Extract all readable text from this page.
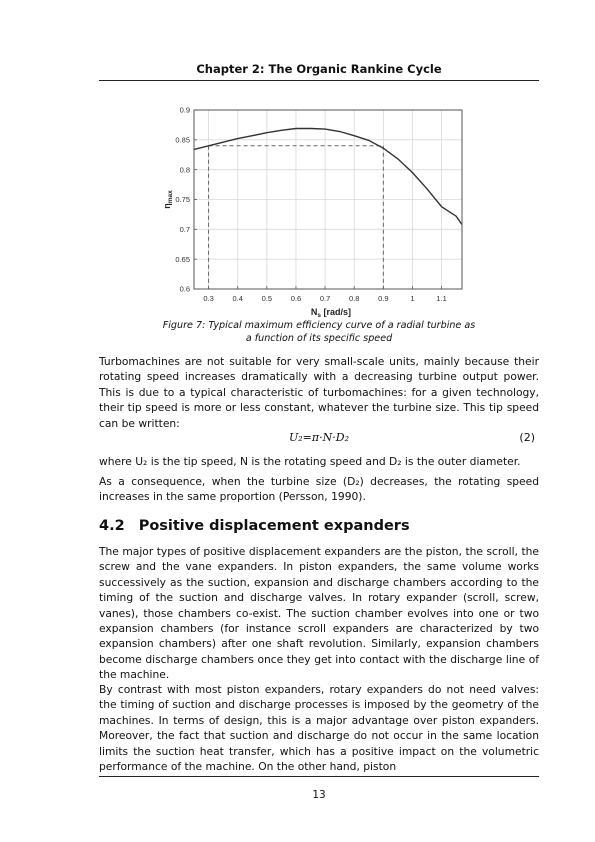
Chapter 2: The Organic Rankine Cycle
0.3 0.4 0.5 0.6 0.7 0.8 0.9	1	1.1
0.6
0.65
0.7
0.75
0.8
0.85
0.9
$N_s$ [rad/s]
$\eta_{max}$
Figure 7: Typical maximum efficiency curve of a radial turbine as
a function of its specific speed

Turbomachines are not suitable for very small-scale units, mainly because their rotating speed increases dramatically with a decreasing turbine output power. This is due to a typical characteristic of turbomachines: for a given technology, their tip speed is more or less constant, whatever the turbine size. This tip speed can be written:

U₂=π·N·D₂	(2)

where U₂ is the tip speed, N is the rotating speed and D₂ is the outer diameter.

As a consequence, when the turbine size (D₂) decreases, the rotating speed increases in the same proportion (Persson, 1990).

4.2 Positive displacement expanders

The major types of positive displacement expanders are the piston, the scroll, the screw and the vane expanders. In piston expanders, the same volume works successively as the suction, expansion and discharge chambers according to the timing of the suction and discharge valves. In rotary expander (scroll, screw, vanes), those chambers co-exist. The suction chamber evolves into one or two expansion chambers (for instance scroll expanders are characterized by two expansion chambers) after one shaft revolution. Similarly, expansion chambers become discharge chambers once they get into contact with the discharge line of the machine.

By contrast with most piston expanders, rotary expanders do not need valves: the timing of suction and discharge processes is imposed by the geometry of the machines. In terms of design, this is a major advantage over piston expanders. Moreover, the fact that suction and discharge do not occur in the same location limits the suction heat transfer, which has a positive impact on the volumetric performance of the machine. On the other hand, piston

13
